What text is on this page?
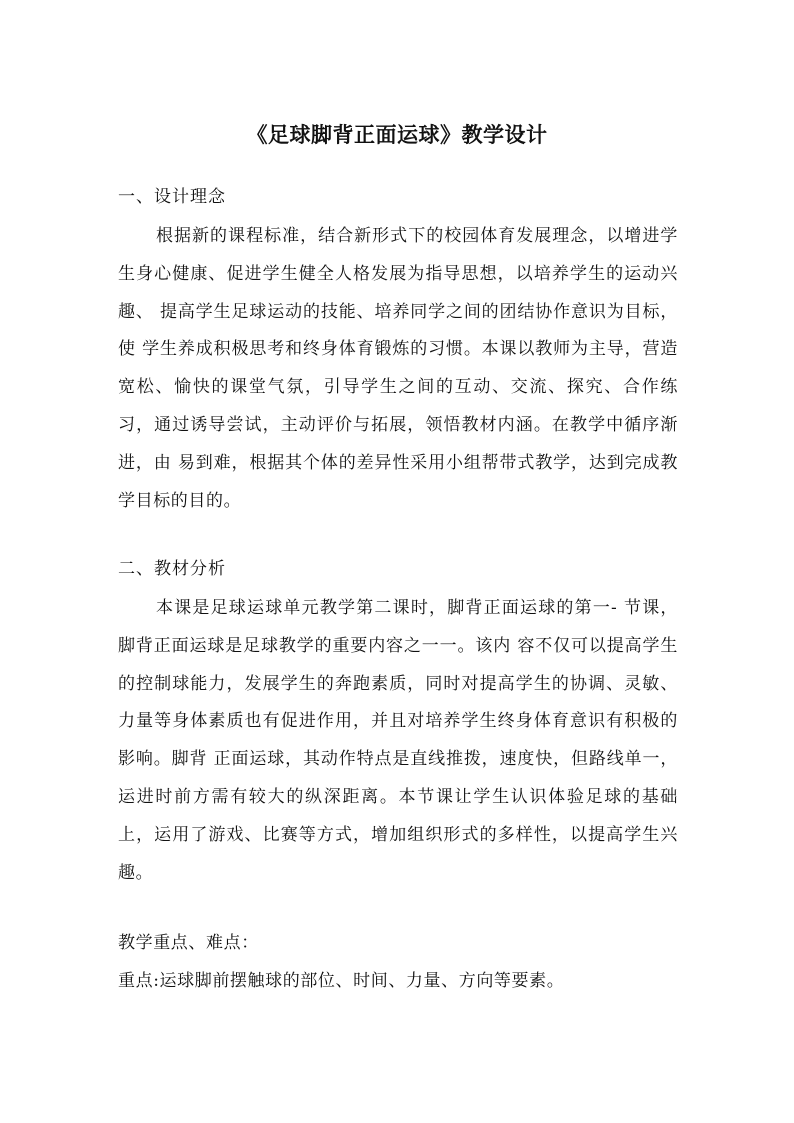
《足球脚背正面运球》教学设计
一、设计理念
根据新的课程标准，结合新形式下的校园体育发展理念，以增进学生身心健康、促进学生健全人格发展为指导思想，以培养学生的运动兴趣、 提高学生足球运动的技能、培养同学之间的团结协作意识为目标，使 学生养成积极思考和终身体育锻炼的习惯。本课以教师为主导，营造宽松、愉快的课堂气氛，引导学生之间的互动、交流、探究、合作练习，通过诱导尝试，主动评价与拓展，领悟教材内涵。在教学中循序渐进，由 易到难，根据其个体的差异性采用小组帮带式教学，达到完成教学目标的目的。
二、教材分析
本课是足球运球单元教学第二课时，脚背正面运球的第一- 节课，脚背正面运球是足球教学的重要内容之一一。该内 容不仅可以提高学生的控制球能力，发展学生的奔跑素质，同时对提高学生的协调、灵敏、力量等身体素质也有促进作用，并且对培养学生终身体育意识有积极的影响。脚背 正面运球，其动作特点是直线推拨，速度快，但路线单一，运进时前方需有较大的纵深距离。本节课让学生认识体验足球的基础上，运用了游戏、比赛等方式，增加组织形式的多样性，以提高学生兴趣。
教学重点、难点：
重点:运球脚前摆触球的部位、时间、力量、方向等要素。
